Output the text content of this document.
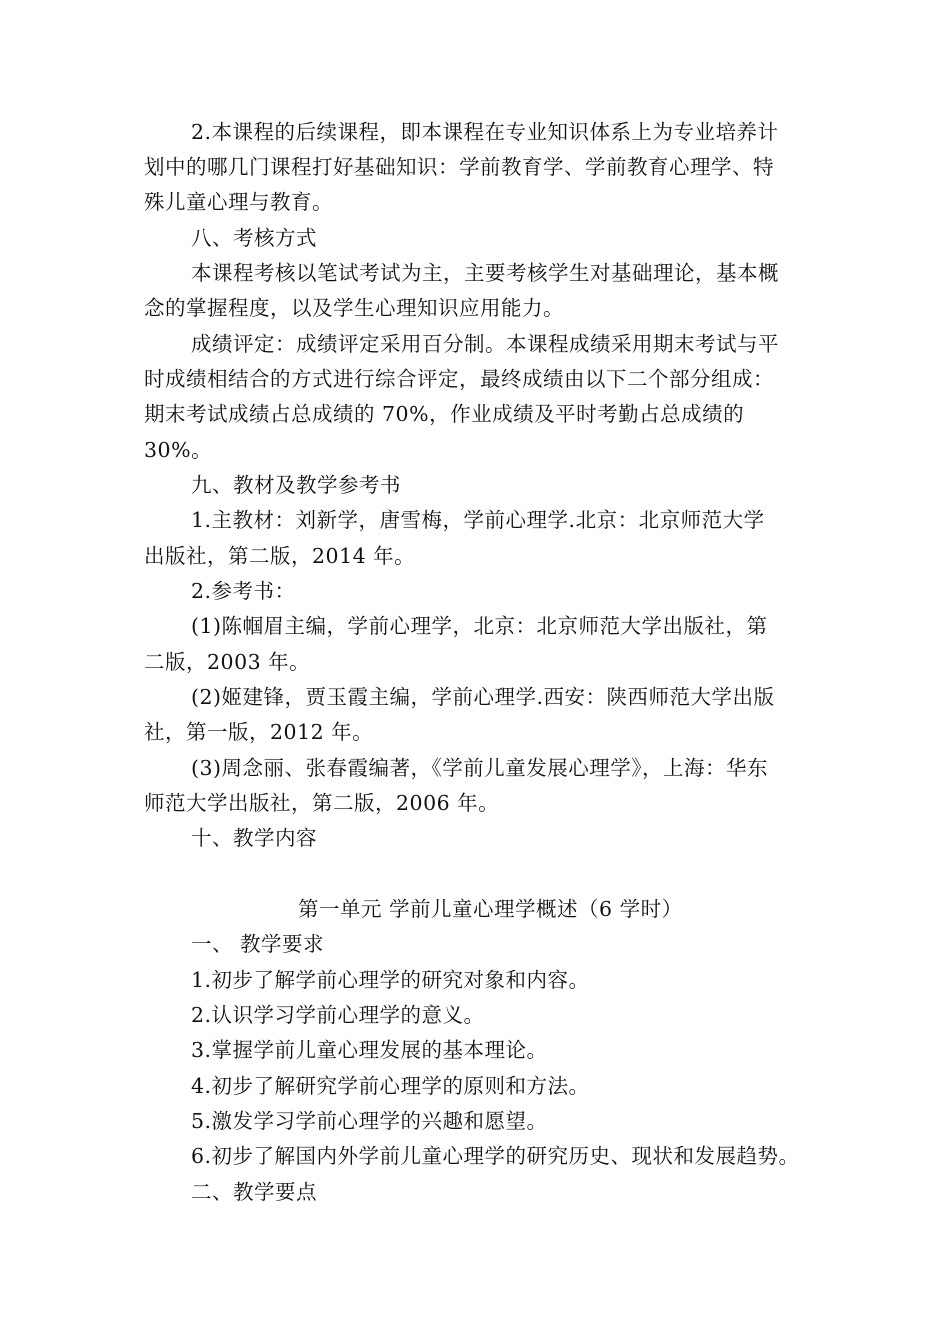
2.本课程的后续课程，即本课程在专业知识体系上为专业培养计
划中的哪几门课程打好基础知识：学前教育学、学前教育心理学、特
殊儿童心理与教育。
八、考核方式
本课程考核以笔试考试为主，主要考核学生对基础理论，基本概
念的掌握程度，以及学生心理知识应用能力。
成绩评定：成绩评定采用百分制。本课程成绩采用期末考试与平
时成绩相结合的方式进行综合评定，最终成绩由以下二个部分组成：
期末考试成绩占总成绩的 70%，作业成绩及平时考勤占总成绩的
30%。
九、教材及教学参考书
1.主教材：刘新学，唐雪梅，学前心理学.北京：北京师范大学
出版社，第二版，2014 年。
2.参考书：
(1)陈帼眉主编，学前心理学，北京：北京师范大学出版社，第
二版，2003 年。
(2)姬建锋，贾玉霞主编，学前心理学.西安：陕西师范大学出版
社，第一版，2012 年。
(3)周念丽、张春霞编著，《学前儿童发展心理学》，上海：华东
师范大学出版社，第二版，2006 年。
十、教学内容
第一单元 学前儿童心理学概述（6 学时）
一、 教学要求
1.初步了解学前心理学的研究对象和内容。
2.认识学习学前心理学的意义。
3.掌握学前儿童心理发展的基本理论。
4.初步了解研究学前心理学的原则和方法。
5.激发学习学前心理学的兴趣和愿望。
6.初步了解国内外学前儿童心理学的研究历史、现状和发展趋势。
二、教学要点
